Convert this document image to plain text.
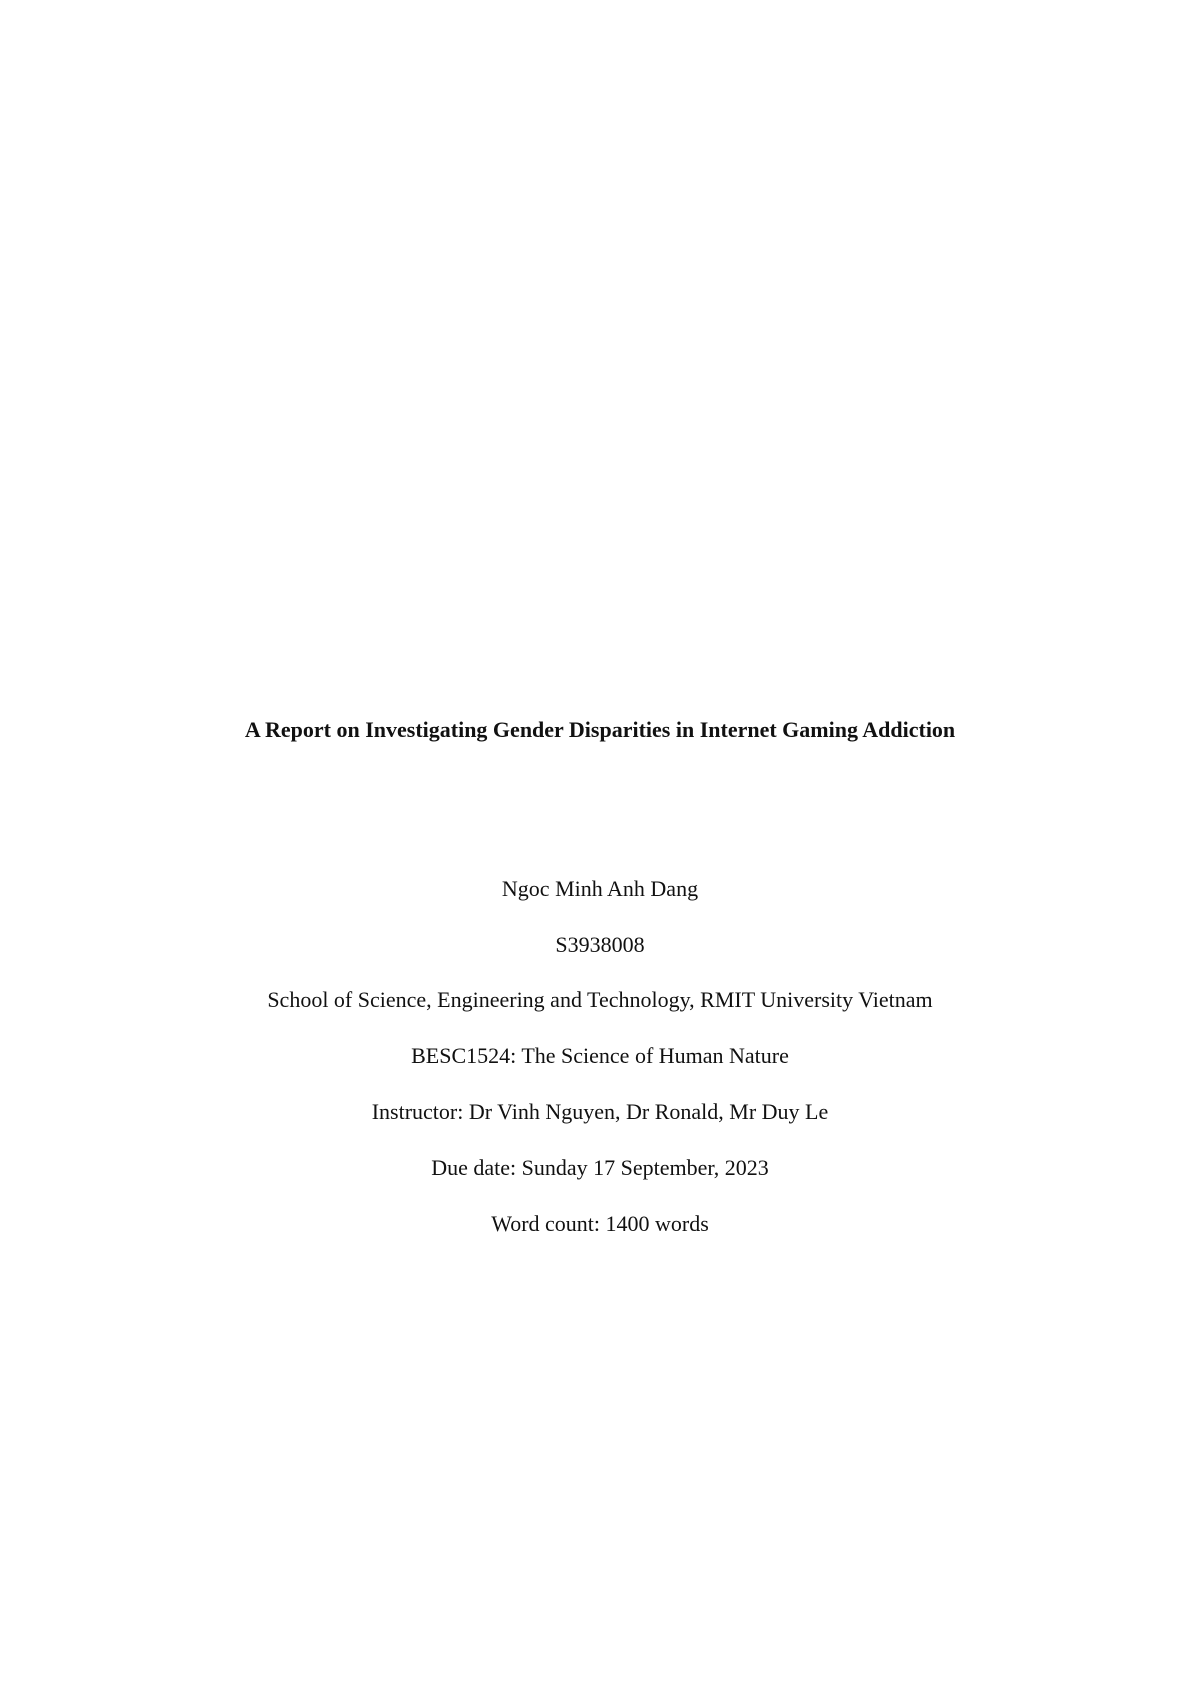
A Report on Investigating Gender Disparities in Internet Gaming Addiction
Ngoc Minh Anh Dang
S3938008
School of Science, Engineering and Technology, RMIT University Vietnam
BESC1524: The Science of Human Nature
Instructor: Dr Vinh Nguyen, Dr Ronald, Mr Duy Le
Due date: Sunday 17 September, 2023
Word count: 1400 words
